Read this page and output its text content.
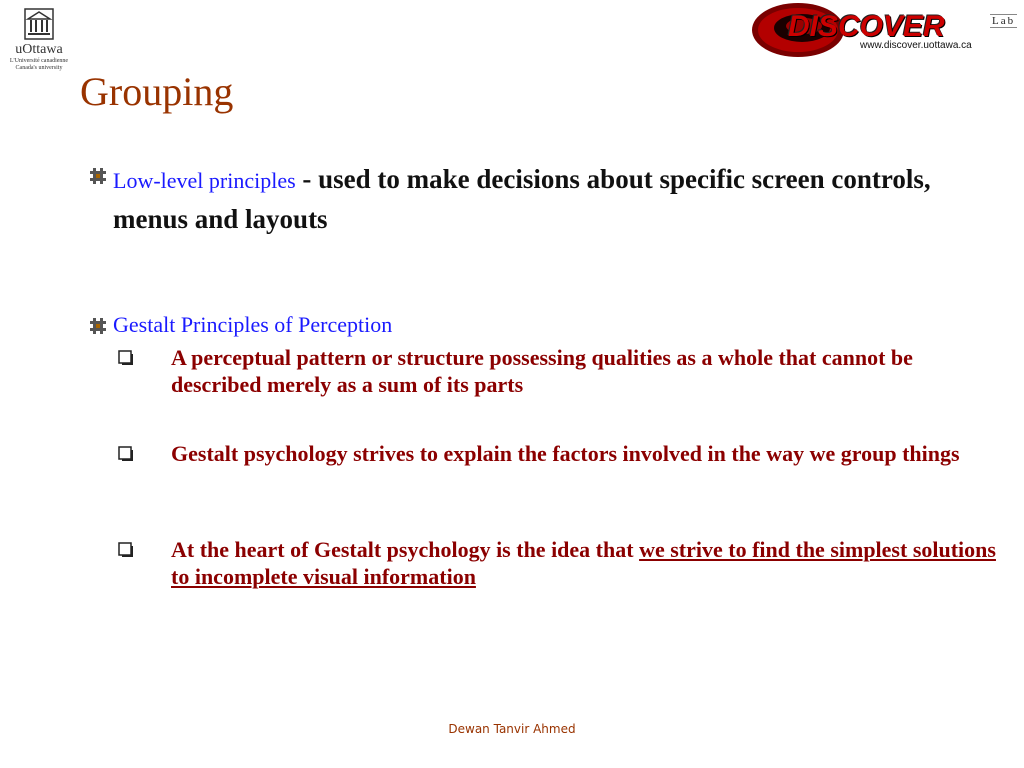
uOttawa
L'Université canadienne
Canada's university
DISCOVER	Lab
www.discover.uottawa.ca
Grouping
Low-level principles - used to make decisions about specific screen controls, menus and layouts
Gestalt Principles of Perception
A perceptual pattern or structure possessing qualities as a whole that cannot be described merely as a sum of its parts
Gestalt psychology strives to explain the factors involved in the way we group things
At the heart of Gestalt psychology is the idea that we strive to find the simplest solutions to incomplete visual information
Dewan Tanvir Ahmed
